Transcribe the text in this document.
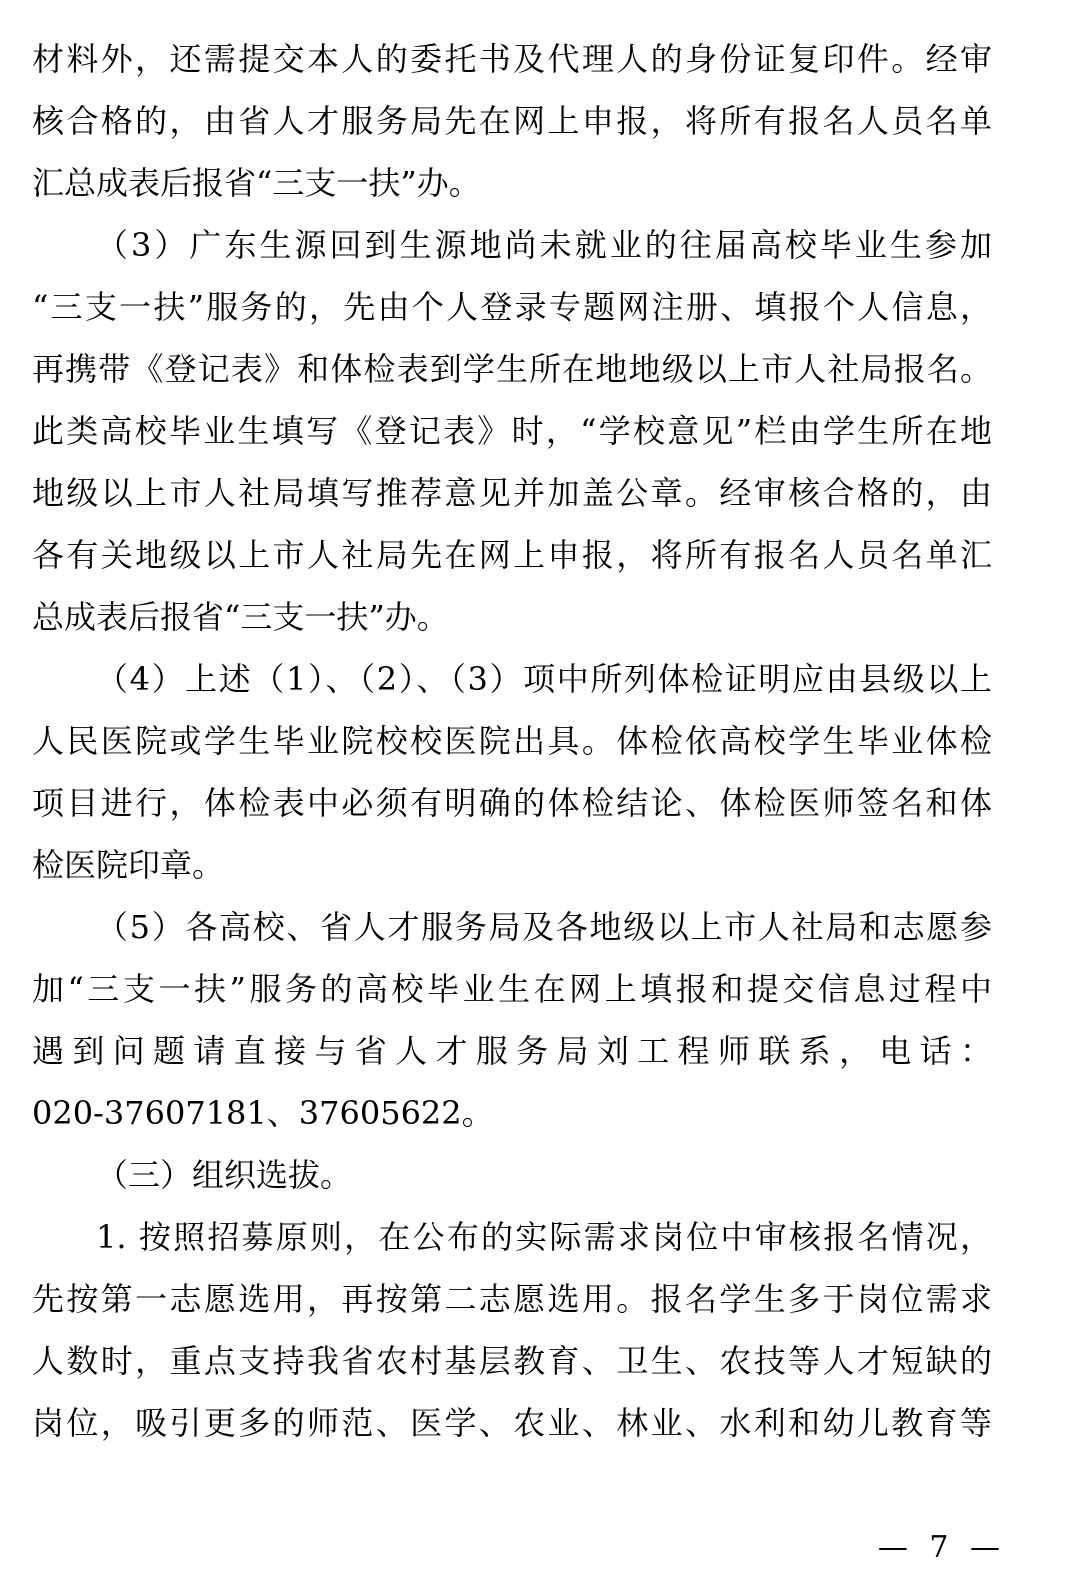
材料外，还需提交本人的委托书及代理人的身份证复印件。经审
核合格的，由省人才服务局先在网上申报，将所有报名人员名单
汇总成表后报省“三支一扶”办。
（3）广东生源回到生源地尚未就业的往届高校毕业生参加
“三支一扶”服务的，先由个人登录专题网注册、填报个人信息，
再携带《登记表》和体检表到学生所在地地级以上市人社局报名。
此类高校毕业生填写《登记表》时，“学校意见”栏由学生所在地
地级以上市人社局填写推荐意见并加盖公章。经审核合格的，由
各有关地级以上市人社局先在网上申报，将所有报名人员名单汇
总成表后报省“三支一扶”办。
（4）上述（1）、（2）、（3）项中所列体检证明应由县级以上
人民医院或学生毕业院校校医院出具。体检依高校学生毕业体检
项目进行，体检表中必须有明确的体检结论、体检医师签名和体
检医院印章。
（5）各高校、省人才服务局及各地级以上市人社局和志愿参
加“三支一扶”服务的高校毕业生在网上填报和提交信息过程中
遇到问题请直接与省人才服务局刘工程师联系，电话：
020-37607181、37605622。
（三）组织选拔。
1. 按照招募原则，在公布的实际需求岗位中审核报名情况，
先按第一志愿选用，再按第二志愿选用。报名学生多于岗位需求
人数时，重点支持我省农村基层教育、卫生、农技等人才短缺的
岗位，吸引更多的师范、医学、农业、林业、水利和幼儿教育等
— 7 —
